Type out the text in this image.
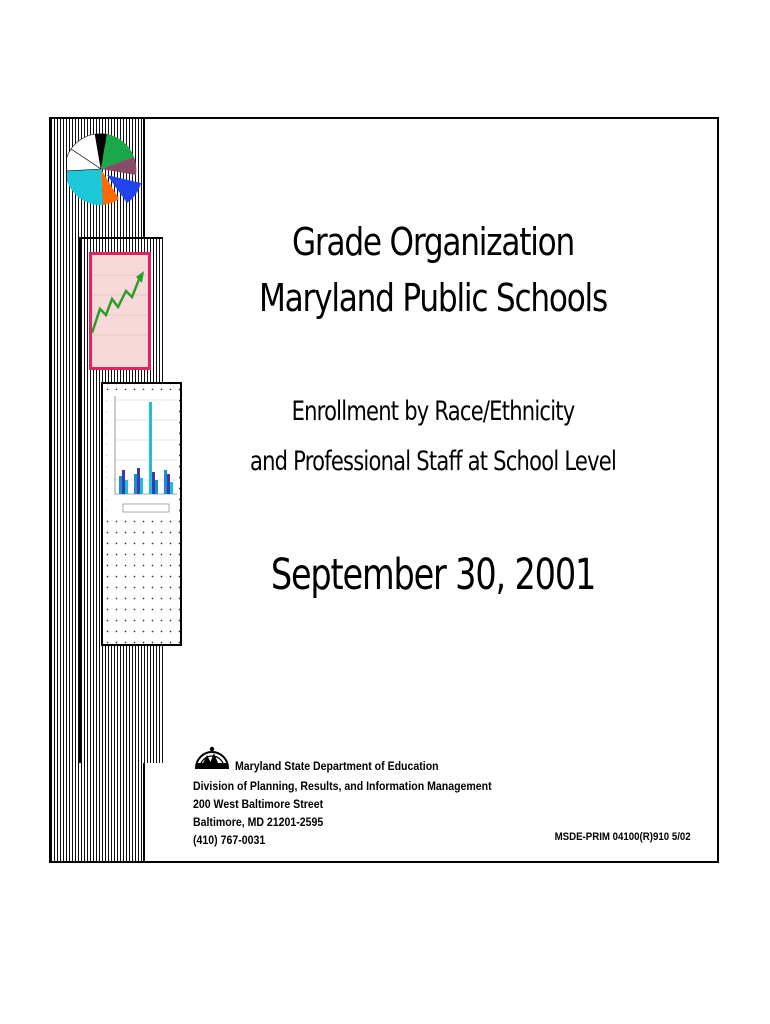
Grade Organization
Maryland Public Schools
Enrollment by Race/Ethnicity
and Professional Staff at School Level
September 30, 2001
Maryland State Department of Education
Division of Planning, Results, and Information Management
200 West Baltimore Street
Baltimore, MD 21201-2595
(410) 767-0031	MSDE-PRIM 04100(R)910 5/02
